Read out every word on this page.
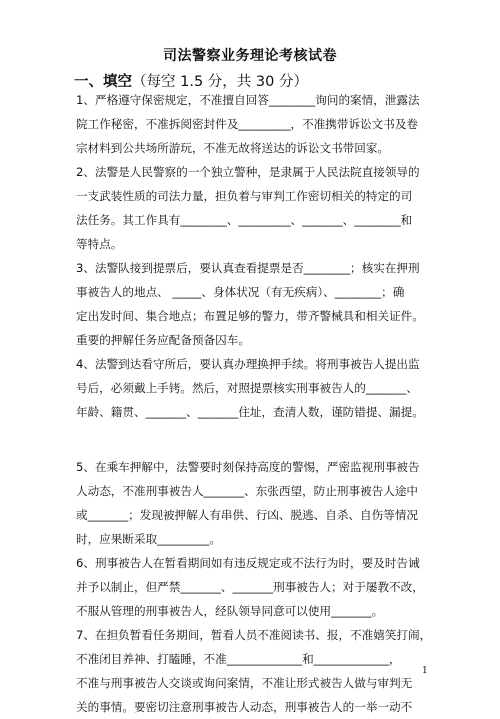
司法警察业务理论考核试卷
一、填空（每空 1.5 分，共 30 分）
1、严格遵守保密规定，不准擅自回答________询问的案情，泄露法
院工作秘密，不准拆阅密封件及_________，不准携带诉讼文书及卷
宗材料到公共场所游玩，不准无故将送达的诉讼文书带回家。
2、法警是人民警察的一个独立警种，是隶属于人民法院直接领导的
一支武装性质的司法力量，担负着与审判工作密切相关的特定的司
法任务。其工作具有________、_________、_______、________和
等特点。
3、法警队接到提票后，要认真查看提票是否________；核实在押刑
事被告人的地点、 _____、身体状况（有无疾病）、________；确
定出发时间、集合地点；布置足够的警力，带齐警械具和相关证件。
重要的押解任务应配备预备囚车。
4、法警到达看守所后，要认真办理换押手续。将刑事被告人提出监
号后，必须戴上手铐。然后，对照提票核实刑事被告人的_______、
年龄、籍贯、_______、_______住址，查清人数，谨防错提、漏提。
5、在乘车押解中，法警要时刻保持高度的警惕，严密监视刑事被告
人动态，不准刑事被告人_______、东张西望，防止刑事被告人途中
或_______；发现被押解人有串供、行凶、脱逃、自杀、自伤等情况
时，应果断采取_________。
6、刑事被告人在暂看期间如有违反规定或不法行为时，要及时告诫
并予以制止，但严禁_______、_______刑事被告人；对于屡教不改，
不服从管理的刑事被告人，经队领导同意可以使用_______。
7、在担负暂看任务期间，暂看人员不准阅读书、报，不准嬉笑打闹，
不准闭目养神、打瞌睡，不准_____________和_____________，
不准与刑事被告人交谈或询问案情，不准让形式被告人做与审判无
关的事情。要密切注意刑事被告人动态，刑事被告人的一举一动不
1
